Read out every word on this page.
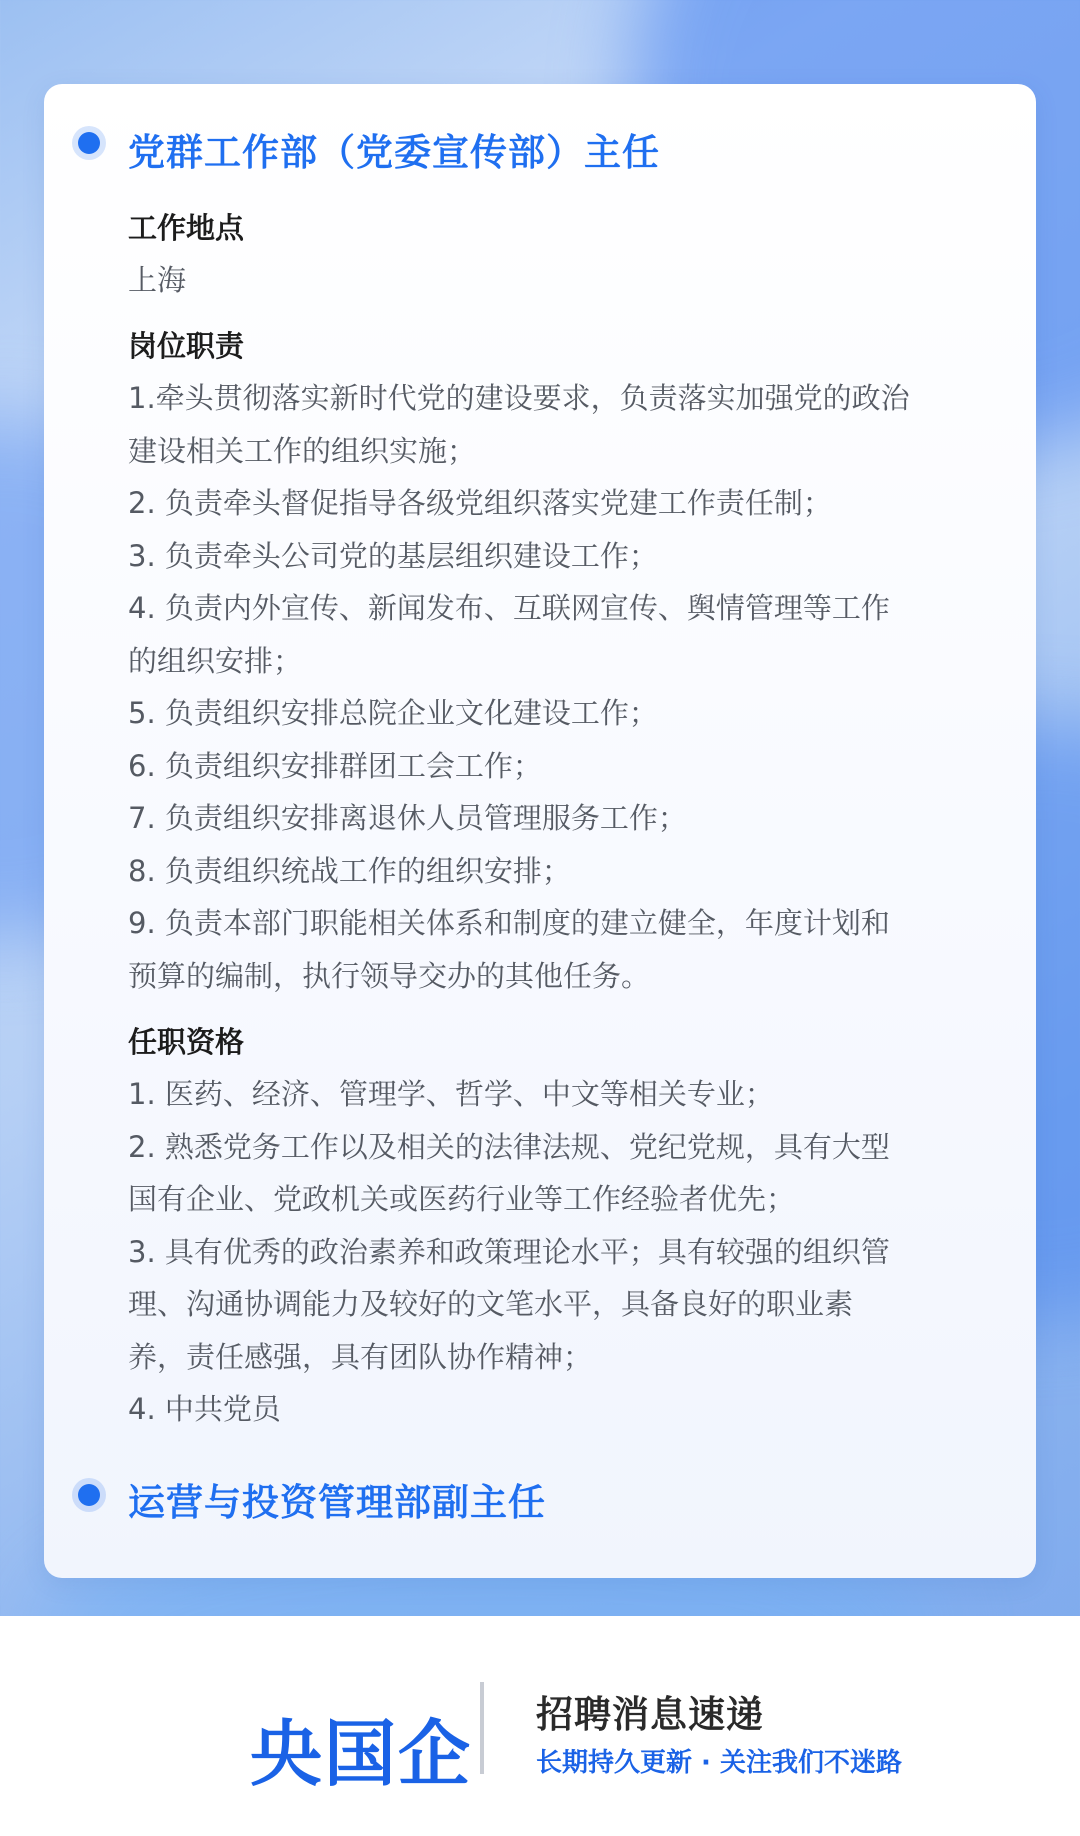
党群工作部（党委宣传部）主任
工作地点
上海
岗位职责
1.牵头贯彻落实新时代党的建设要求，负责落实加强党的政治
建设相关工作的组织实施；
2. 负责牵头督促指导各级党组织落实党建工作责任制；
3. 负责牵头公司党的基层组织建设工作；
4. 负责内外宣传、新闻发布、互联网宣传、舆情管理等工作
的组织安排；
5. 负责组织安排总院企业文化建设工作；
6. 负责组织安排群团工会工作；
7. 负责组织安排离退休人员管理服务工作；
8. 负责组织统战工作的组织安排；
9. 负责本部门职能相关体系和制度的建立健全，年度计划和
预算的编制，执行领导交办的其他任务。
任职资格
1. 医药、经济、管理学、哲学、中文等相关专业；
2. 熟悉党务工作以及相关的法律法规、党纪党规，具有大型
国有企业、党政机关或医药行业等工作经验者优先；
3. 具有优秀的政治素养和政策理论水平；具有较强的组织管
理、沟通协调能力及较好的文笔水平，具备良好的职业素
养，责任感强，具有团队协作精神；
4. 中共党员
运营与投资管理部副主任
央国企 招聘消息速递
长期持久更新 · 关注我们不迷路
